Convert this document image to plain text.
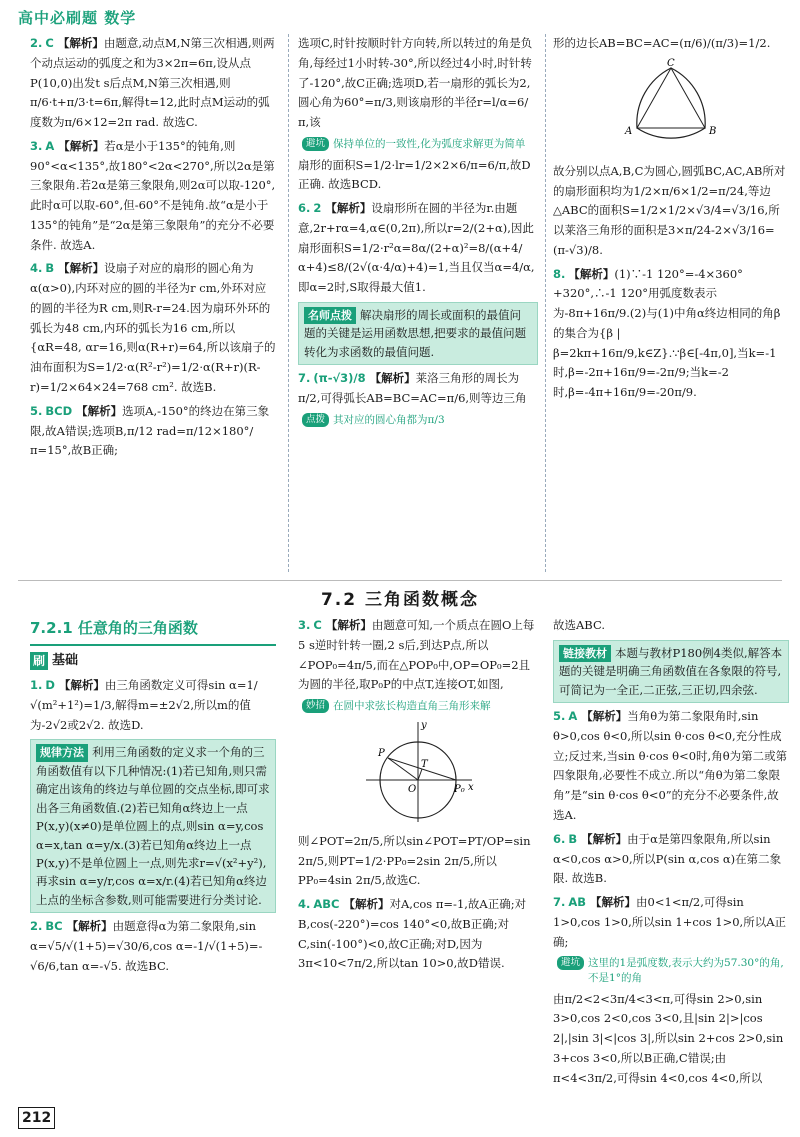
高中必刷题 数学
2. C 【解析】由题意,动点M,N第三次相遇,则两个动点运动的弧度之和为3×2π=6π,设从点P(10,0)出发t s后点M,N第三次相遇,则π/6·t+π/3·t=6π,解得t=12,此时点M运动的弧度数为π/6×12=2π rad. 故选C.
3. A 【解析】若α是小于135°的钝角,则90°<α<135°,故180°<2α<270°,所以2α是第三象限角.若2α是第三象限角,则2α可以取-120°,此时α可以取-60°,但-60°不是钝角.故“α是小于135°的钝角”是“2α是第三象限角”的充分不必要条件. 故选A.
4. B 【解析】设扇子对应的扇形的圆心角为α(α>0),内环对应的圆的半径为r cm,外环对应的圆的半径为R cm,则R-r=24.因为扇环外环的弧长为48 cm,内环的弧长为16 cm,所以{αR=48, αr=16,则α(R+r)=64,所以该扇子的油布面积为S=1/2·α(R²-r²)=1/2·α(R+r)(R-r)=1/2×64×24=768 cm². 故选B.
5. BCD 【解析】选项A,-150°的终边在第三象限,故A错误;选项B,π/12 rad=π/12×180°/π=15°,故B正确;
选项C,时针按顺时针方向转,所以转过的角是负角,每经过1小时转-30°,所以经过4小时,时针转了-120°,故C正确;选项D,若一扇形的弧长为2,圆心角为60°=π/3,则该扇形的半径r=l/α=6/π,该
避坑 保持单位的一致性,化为弧度求解更为简单
扇形的面积S=1/2·lr=1/2×2×6/π=6/π,故D正确. 故选BCD.
6. 2 【解析】设扇形所在圆的半径为r.由题意,2r+rα=4,α∈(0,2π),所以r=2/(2+α),因此扇形面积S=1/2·r²α=8α/(2+α)²=8/(α+4/α+4)≤8/(2√(α·4/α)+4)=1,当且仅当α=4/α,即α=2时,S取得最大值1.
名师点拨 解决扇形的周长或面积的最值问题的关键是运用函数思想,把要求的最值问题转化为求函数的最值问题.
7. (π-√3)/8 【解析】莱洛三角形的周长为π/2,可得弧长AB=BC=AC=π/6,则等边三角
点拨 其对应的圆心角都为π/3
形的边长AB=BC=AC=(π/6)/(π/3)=1/2.
C
A	B
故分别以点A,B,C为圆心,圆弧BC,AC,AB所对的扇形面积均为1/2×π/6×1/2=π/24,等边△ABC的面积S=1/2×1/2×√3/4=√3/16,所以莱洛三角形的面积是3×π/24-2×√3/16=(π-√3)/8.
8. 【解析】(1)∵-1 120°=-4×360°+320°,∴-1 120°用弧度数表示为-8π+16π/9.(2)与(1)中角α终边相同的角β的集合为{β | β=2kπ+16π/9,k∈Z}.∵β∈[-4π,0],当k=-1时,β=-2π+16π/9=-2π/9;当k=-2时,β=-4π+16π/9=-20π/9.
7.2 三角函数概念
7.2.1 任意角的三角函数
刷 基础
1. D 【解析】由三角函数定义可得sin α=1/√(m²+1²)=1/3,解得m=±2√2,所以m的值为-2√2或2√2. 故选D.
规律方法 利用三角函数的定义求一个角的三角函数值有以下几种情况:(1)若已知角,则只需确定出该角的终边与单位圆的交点坐标,即可求出各三角函数值.(2)若已知角α终边上一点P(x,y)(x≠0)是单位圆上的点,则sin α=y,cos α=x,tan α=y/x.(3)若已知角α终边上一点P(x,y)不是单位圆上一点,则先求r=√(x²+y²),再求sin α=y/r,cos α=x/r.(4)若已知角α终边上点的坐标含参数,则可能需要进行分类讨论.
2. BC 【解析】由题意得α为第二象限角,sin α=√5/√(1+5)=√30/6,cos α=-1/√(1+5)=-√6/6,tan α=-√5. 故选BC.
3. C 【解析】由题意可知,一个质点在圆O上每5 s逆时针转一圈,2 s后,到达P点,所以∠POP₀=4π/5,而在△POP₀中,OP=OP₀=2且为圆的半径,取P₀P的中点T,连接OT,如图,
妙招 在圆中求弦长构造直角三角形来解
P
T
O	P₀ x
y
则∠POT=2π/5,所以sin∠POT=PT/OP=sin 2π/5,则PT=1/2·PP₀=2sin 2π/5,所以PP₀=4sin 2π/5,故选C.
4. ABC 【解析】对A,cos π=-1,故A正确;对B,cos(-220°)=cos 140°<0,故B正确;对C,sin(-100°)<0,故C正确;对D,因为3π<10<7π/2,所以tan 10>0,故D错误.
故选ABC.
链接教材 本题与教材P180例4类似,解答本题的关键是明确三角函数值在各象限的符号,可简记为一全正,二正弦,三正切,四余弦.
5. A 【解析】当角θ为第二象限角时,sin θ>0,cos θ<0,所以sin θ·cos θ<0,充分性成立;反过来,当sin θ·cos θ<0时,角θ为第二或第四象限角,必要性不成立.所以“角θ为第二象限角”是“sin θ·cos θ<0”的充分不必要条件,故选A.
6. B 【解析】由于α是第四象限角,所以sin α<0,cos α>0,所以P(sin α,cos α)在第二象限. 故选B.
7. AB 【解析】由0<1<π/2,可得sin 1>0,cos 1>0,所以sin 1+cos 1>0,所以A正确;
避坑 这里的1是弧度数,表示大约为57.30°的角,不是1°的角
由π/2<2<3π/4<3<π,可得sin 2>0,sin 3>0,cos 2<0,cos 3<0,且|sin 2|>|cos 2|,|sin 3|<|cos 3|,所以sin 2+cos 2>0,sin 3+cos 3<0,所以B正确,C错误;由π<4<3π/2,可得sin 4<0,cos 4<0,所以
212
